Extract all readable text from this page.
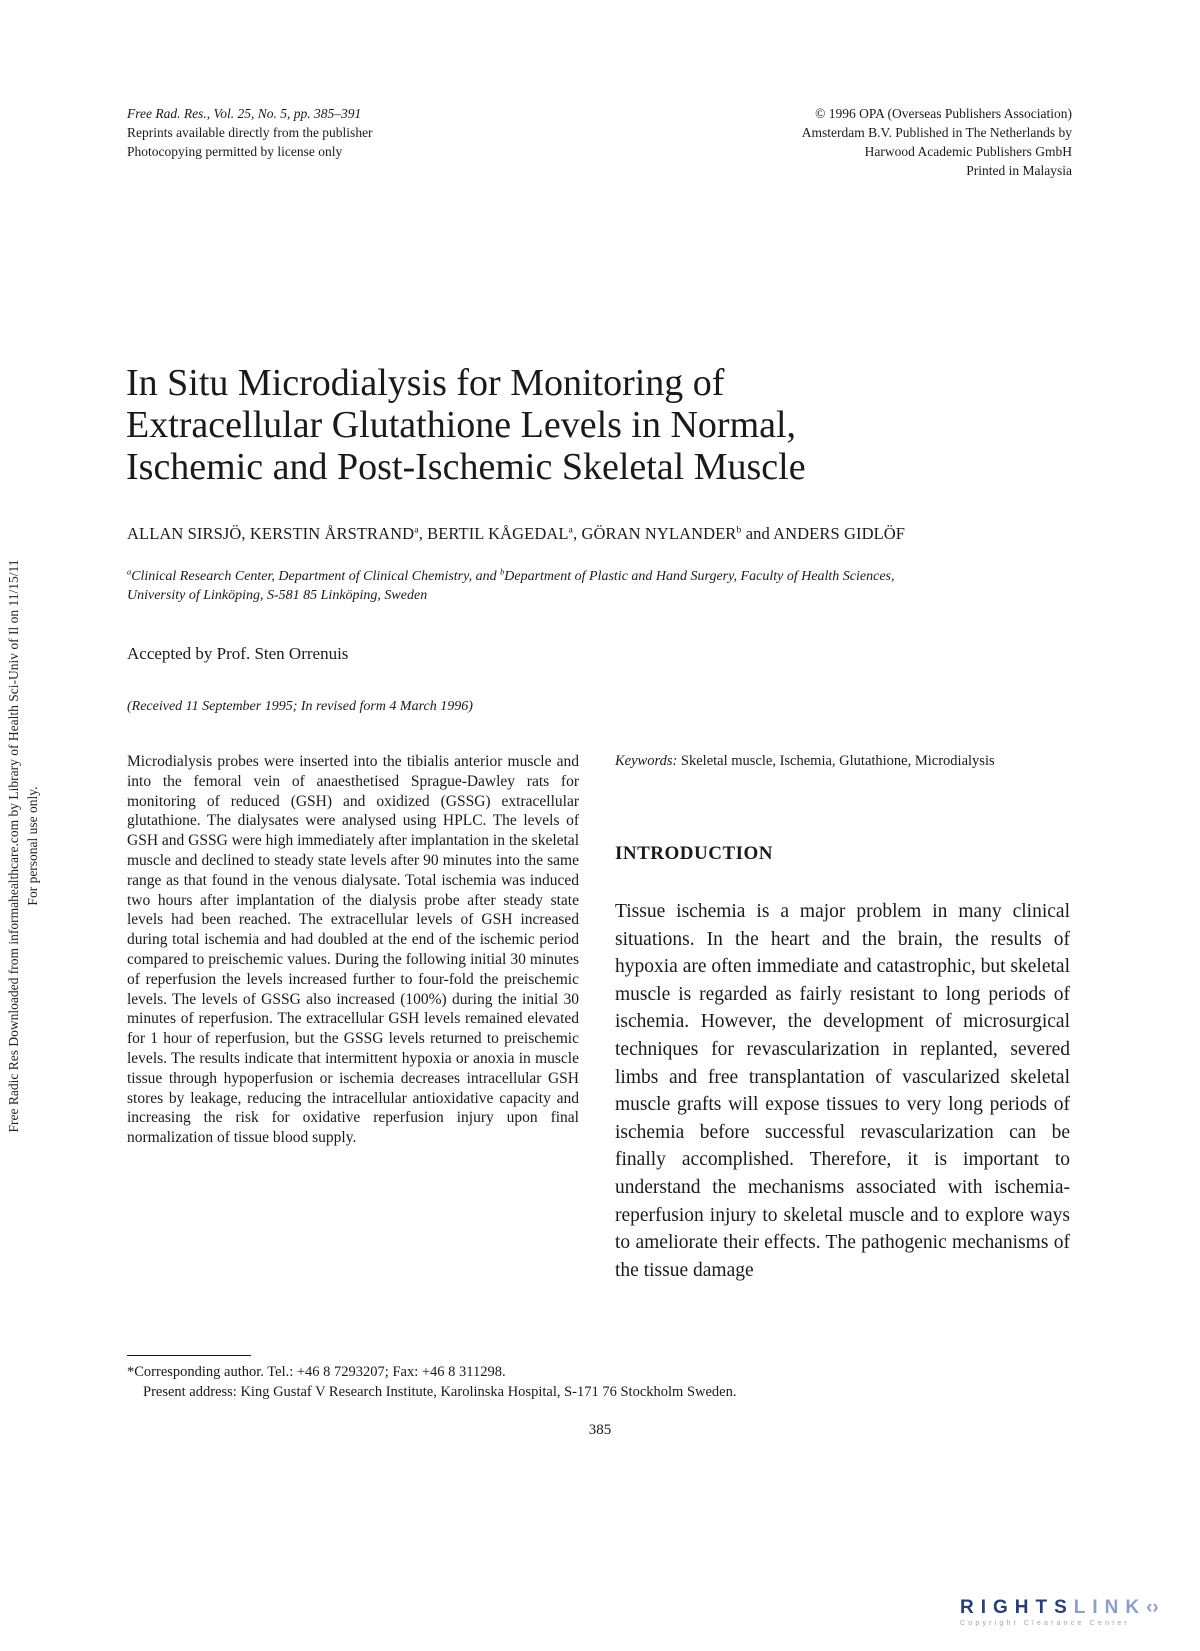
Free Rad. Res., Vol. 25, No. 5, pp. 385–391
Reprints available directly from the publisher
Photocopying permitted by license only
© 1996 OPA (Overseas Publishers Association)
Amsterdam B.V. Published in The Netherlands by
Harwood Academic Publishers GmbH
Printed in Malaysia
In Situ Microdialysis for Monitoring of
Extracellular Glutathione Levels in Normal,
Ischemic and Post-Ischemic Skeletal Muscle
ALLAN SIRSJÖ, KERSTIN ÅRSTRAND$^a$, BERTIL KÅGEDAL$^a$, GÖRAN NYLANDER$^b$ and ANDERS GIDLÖF
$^a$Clinical Research Center, Department of Clinical Chemistry, and $^b$Department of Plastic and Hand Surgery, Faculty of Health Sciences,
University of Linköping, S-581 85 Linköping, Sweden
Accepted by Prof. Sten Orrenuis
(Received 11 September 1995; In revised form 4 March 1996)
Microdialysis probes were inserted into the tibialis anterior muscle and into the femoral vein of anaesthetised Sprague-Dawley rats for monitoring of reduced (GSH) and oxidized (GSSG) extracellular glutathione. The dialysates were analysed using HPLC. The levels of GSH and GSSG were high immediately after implantation in the skeletal muscle and declined to steady state levels after 90 minutes into the same range as that found in the venous dialysate. Total ischemia was induced two hours after implantation of the dialysis probe after steady state levels had been reached. The extracellular levels of GSH increased during total ischemia and had doubled at the end of the ischemic period compared to preischemic values. During the following initial 30 minutes of reperfusion the levels increased further to four-fold the preischemic levels. The levels of GSSG also increased (100%) during the initial 30 minutes of reperfusion. The extracellular GSH levels remained elevated for 1 hour of reperfusion, but the GSSG levels returned to preischemic levels. The results indicate that intermittent hypoxia or anoxia in muscle tissue through hypoperfusion or ischemia decreases intracellular GSH stores by leakage, reducing the intracellular antioxidative capacity and increasing the risk for oxidative reperfusion injury upon final normalization of tissue blood supply.
Keywords: Skeletal muscle, Ischemia, Glutathione, Microdialysis
INTRODUCTION
Tissue ischemia is a major problem in many clinical situations. In the heart and the brain, the results of hypoxia are often immediate and catastrophic, but skeletal muscle is regarded as fairly resistant to long periods of ischemia. However, the development of microsurgical techniques for revascularization in replanted, severed limbs and free transplantation of vascularized skeletal muscle grafts will expose tissues to very long periods of ischemia before successful revascularization can be finally accomplished. Therefore, it is important to understand the mechanisms associated with ischemia-reperfusion injury to skeletal muscle and to explore ways to ameliorate their effects. The pathogenic mechanisms of the tissue damage
*Corresponding author. Tel.: +46 8 7293207; Fax: +46 8 311298.
Present address: King Gustaf V Research Institute, Karolinska Hospital, S-171 76 Stockholm Sweden.
385
Free Radic Res Downloaded from informahealthcare.com by Library of Health Sci-Univ of Il on 11/15/11 For personal use only.
RIGHTSLINK‹›
Copyright Clearance Center
